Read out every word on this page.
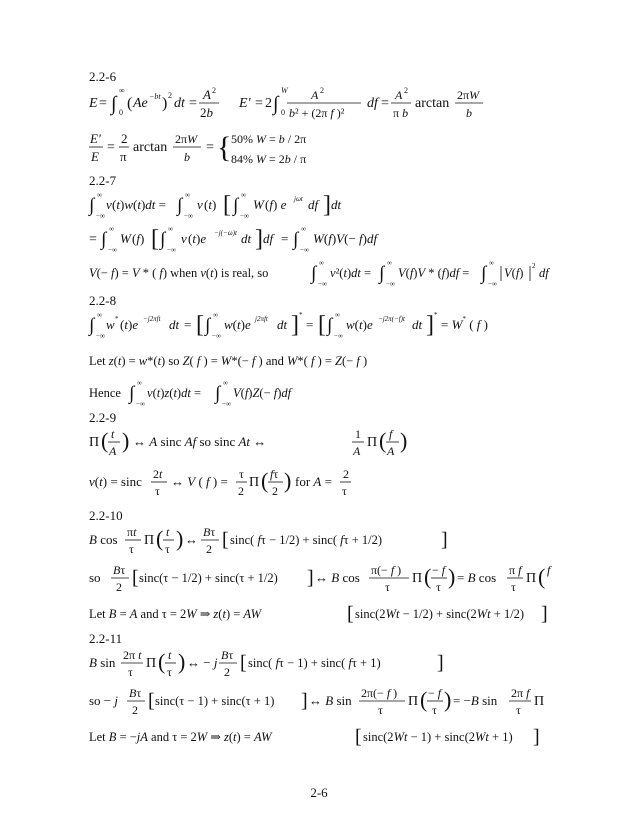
2.2-6
E = ∫
∞
0
( Ae −bt ) 2
dt =
A 2
2b
E′ = 2 ∫
W
0
A 2
b² + (2π f )²
df =
A 2
π b
arctan
2πW
b
E′
E
=
2
π
arctan
2πW
b
= { 50% W = b / 2π
84% W = 2b / π
2.2-7
∫ ∞
−∞
v (t)w(t)dt = ∫ ∞
−∞
v (t) [ ∫ ∞
−∞
W (f) e jωt df ] dt
= ∫ ∞
−∞
W (f) [ ∫ ∞
−∞
v (t)e −j(−ω)t dt ] df = ∫ ∞
−∞
W(f)V(− f)df
V(− f) = V * ( f) when v(t) is real, so ∫ ∞
−∞
v²(t)dt = ∫ ∞
−∞
V(f)V * (f)df = ∫ ∞
−∞
V(f) 2 df
2.2-8
∫ ∞
−∞
w * (t)e −j2πft dt = [ ∫ ∞
−∞
w(t)e j2πft dt ] *
= [ ∫ ∞
−∞
w(t)e −j2π(−f)t dt ] *
= W* ( f )
Let z(t) = w*(t) so Z( f ) = W*(− f ) and W*( f ) = Z(− f )
Hence ∫ ∞
−∞
v(t)z(t)dt = ∫ ∞
−∞
V(f)Z(− f)df
2.2-9
Π ( t
A ) ↔ A sinc Af so sinc At ↔	1
A
Π ( f
A )
v(t) = sinc 2t
τ
↔ V ( f ) = τ
2
Π ( fτ
2 ) for A = 2
τ
2.2-10
B cos πt
τ
Π ( t
τ ) ↔ Bτ
2 [ sinc( fτ − 1/2) + sinc( fτ + 1/2)	]
so Bτ
2 [ sinc(τ − 1/2) + sinc(τ + 1/2) ] ↔ B cos π(− f )
τ
Π ( − f
τ ) = B cos π f
τ
Π ( f
Let B = A and τ = 2W ⇒ z(t) = AW	[ sinc(2Wt − 1/2) + sinc(2Wt + 1/2) ]
2.2-11
B sin 2π t
τ
Π ( t
τ ) ↔ − j Bτ
2 [ sinc( fτ − 1) + sinc( fτ + 1)	]
so − j Bτ
2 [ sinc(τ − 1) + sinc(τ + 1) ] ↔ B sin 2π(− f )
τ
Π ( − f
τ ) = −B sin 2π f
τ
Π
Let B = −jA and τ = 2W ⇒ z(t) = AW	[ sinc(2Wt − 1) + sinc(2Wt + 1) ]
2-6
